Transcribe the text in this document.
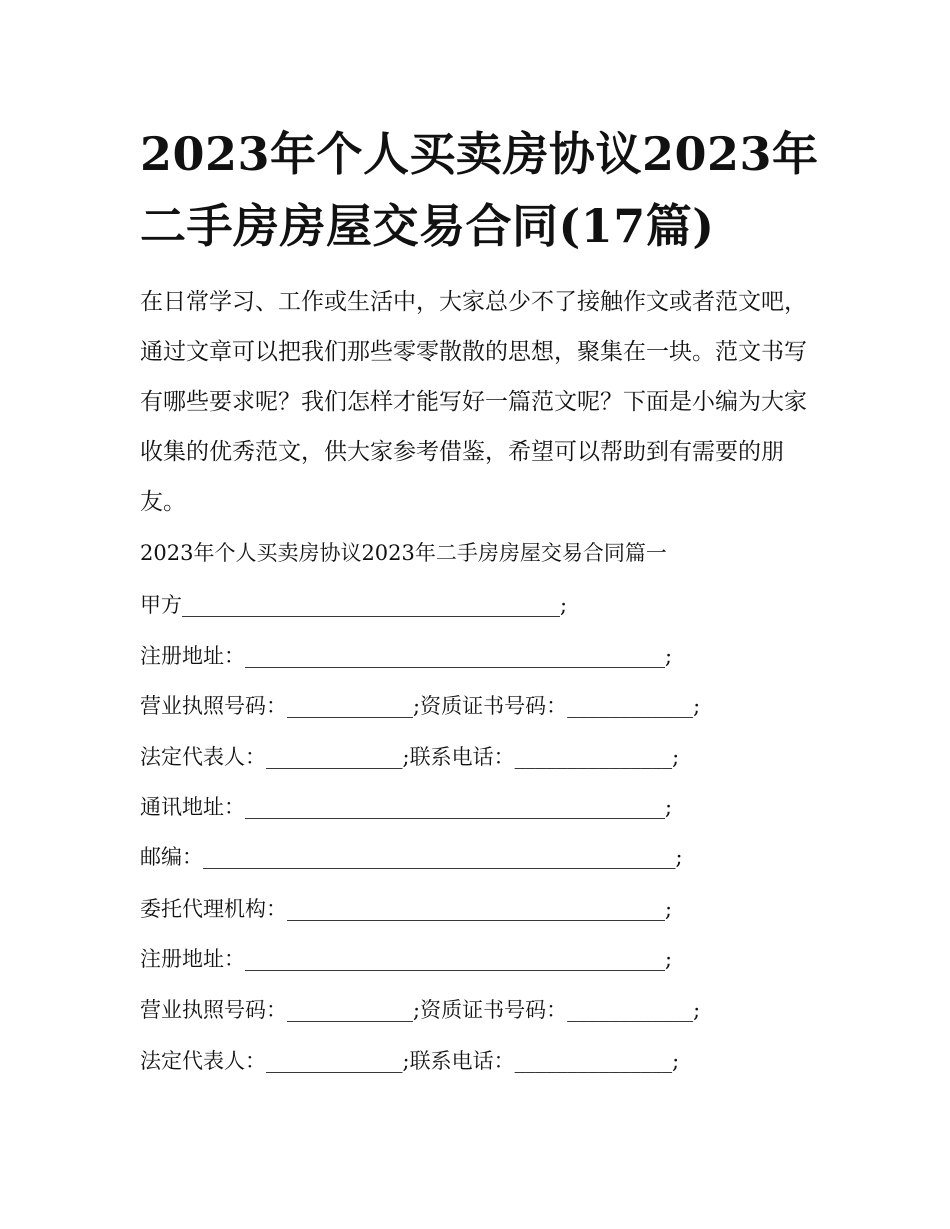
2023年个人买卖房协议2023年二手房房屋交易合同(17篇)

在日常学习、工作或生活中，大家总少不了接触作文或者范文吧，通过文章可以把我们那些零零散散的思想，聚集在一块。范文书写有哪些要求呢？我们怎样才能写好一篇范文呢？下面是小编为大家收集的优秀范文，供大家参考借鉴，希望可以帮助到有需要的朋友。

2023年个人买卖房协议2023年二手房房屋交易合同篇一

甲方____________________________________;
注册地址：________________________________________;
营业执照号码：____________;资质证书号码：____________;
法定代表人：_____________;联系电话：_______________;
通讯地址：________________________________________;
邮编：_____________________________________________;
委托代理机构：____________________________________;
注册地址：________________________________________;
营业执照号码：____________;资质证书号码：____________;
法定代表人：_____________;联系电话：_______________;
